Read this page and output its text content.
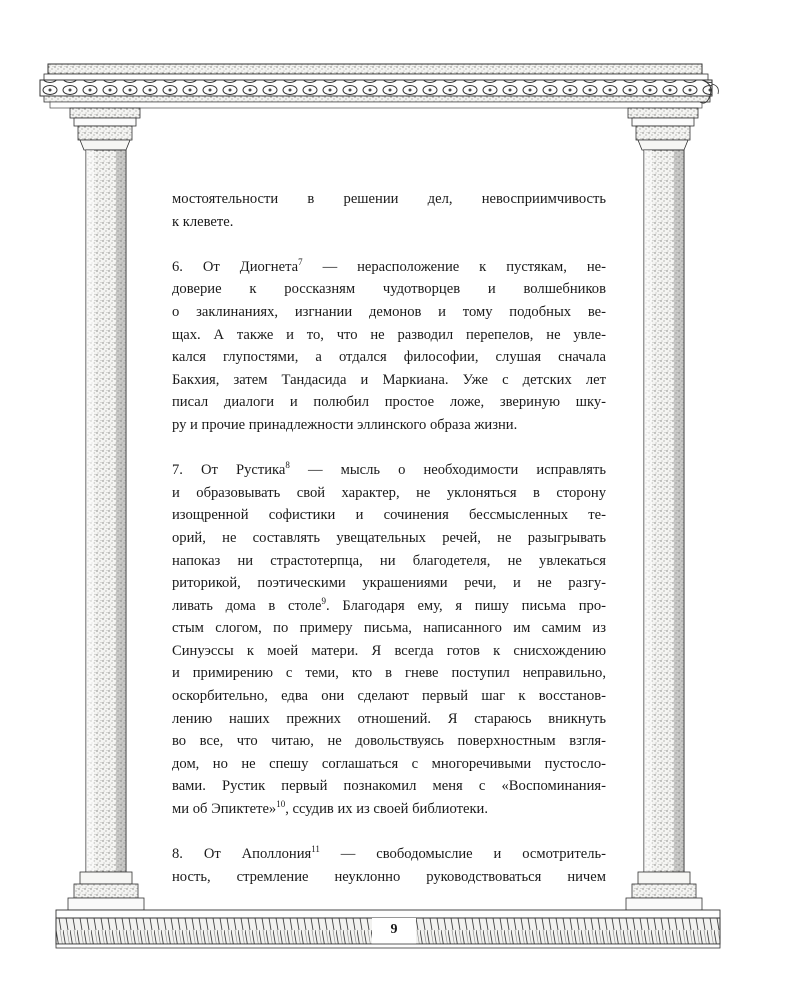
мостоятельности в решении дел, невосприимчивость
к клевете.
6. От Диогнета$^7$ — нерасположение к пустякам, не-
доверие к россказням чудотворцев и волшебников
о заклинаниях, изгнании демонов и тому подобных ве-
щах. А также и то, что не разводил перепелов, не увле-
кался глупостями, а отдался философии, слушая сначала
Бакхия, затем Тандасида и Маркиана. Уже с детских лет
писал диалоги и полюбил простое ложе, звериную шку-
ру и прочие принадлежности эллинского образа жизни.
7. От Рустика$^8$ — мысль о необходимости исправлять
и образовывать свой характер, не уклоняться в сторону
изощренной софистики и сочинения бессмысленных те-
орий, не составлять увещательных речей, не разыгрывать
напоказ ни страстотерпца, ни благодетеля, не увлекаться
риторикой, поэтическими украшениями речи, и не разгу-
ливать дома в столе$^9$. Благодаря ему, я пишу письма про-
стым слогом, по примеру письма, написанного им самим из
Синуэссы к моей матери. Я всегда готов к снисхождению
и примирению с теми, кто в гневе поступил неправильно,
оскорбительно, едва они сделают первый шаг к восстанов-
лению наших прежних отношений. Я стараюсь вникнуть
во все, что читаю, не довольствуясь поверхностным взгля-
дом, но не спешу соглашаться с многоречивыми пустосло-
вами. Рустик первый познакомил меня с «Воспоминания-
ми об Эпиктете»$^{10}$, ссудив их из своей библиотеки.
8. От Аполлония$^{11}$ — свободомыслие и осмотритель-
ность, стремление неуклонно руководствоваться ничем
9
